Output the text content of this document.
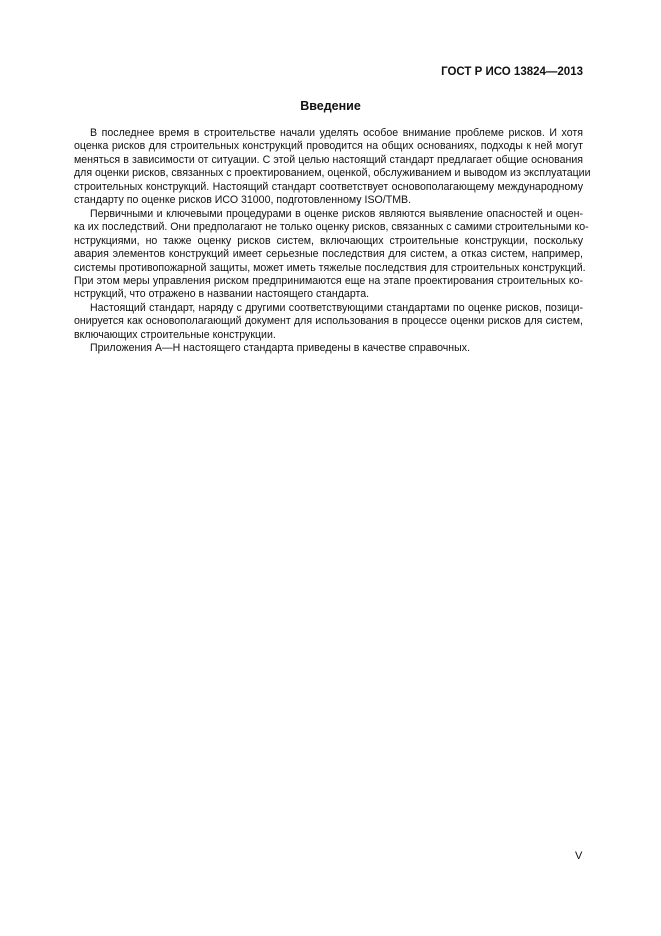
ГОСТ Р ИСО 13824—2013
Введение
В последнее время в строительстве начали уделять особое внимание проблеме рисков. И хотя
оценка рисков для строительных конструкций проводится на общих основаниях, подходы к ней могут
меняться в зависимости от ситуации. С этой целью настоящий стандарт предлагает общие основания
для оценки рисков, связанных с проектированием, оценкой, обслуживанием и выводом из эксплуатации
строительных конструкций. Настоящий стандарт соответствует основополагающему международному
стандарту по оценке рисков ИСО 31000, подготовленному ISO/TMB.
Первичными и ключевыми процедурами в оценке рисков являются выявление опасностей и оцен-
ка их последствий. Они предполагают не только оценку рисков, связанных с самими строительными ко-
нструкциями, но также оценку рисков систем, включающих строительные конструкции, поскольку
авария элементов конструкций имеет серьезные последствия для систем, а отказ систем, например,
системы противопожарной защиты, может иметь тяжелые последствия для строительных конструкций.
При этом меры управления риском предпринимаются еще на этапе проектирования строительных ко-
нструкций, что отражено в названии настоящего стандарта.
Настоящий стандарт, наряду с другими соответствующими стандартами по оценке рисков, позици-
онируется как основополагающий документ для использования в процессе оценки рисков для систем,
включающих строительные конструкции.
Приложения А—Н настоящего стандарта приведены в качестве справочных.
V
